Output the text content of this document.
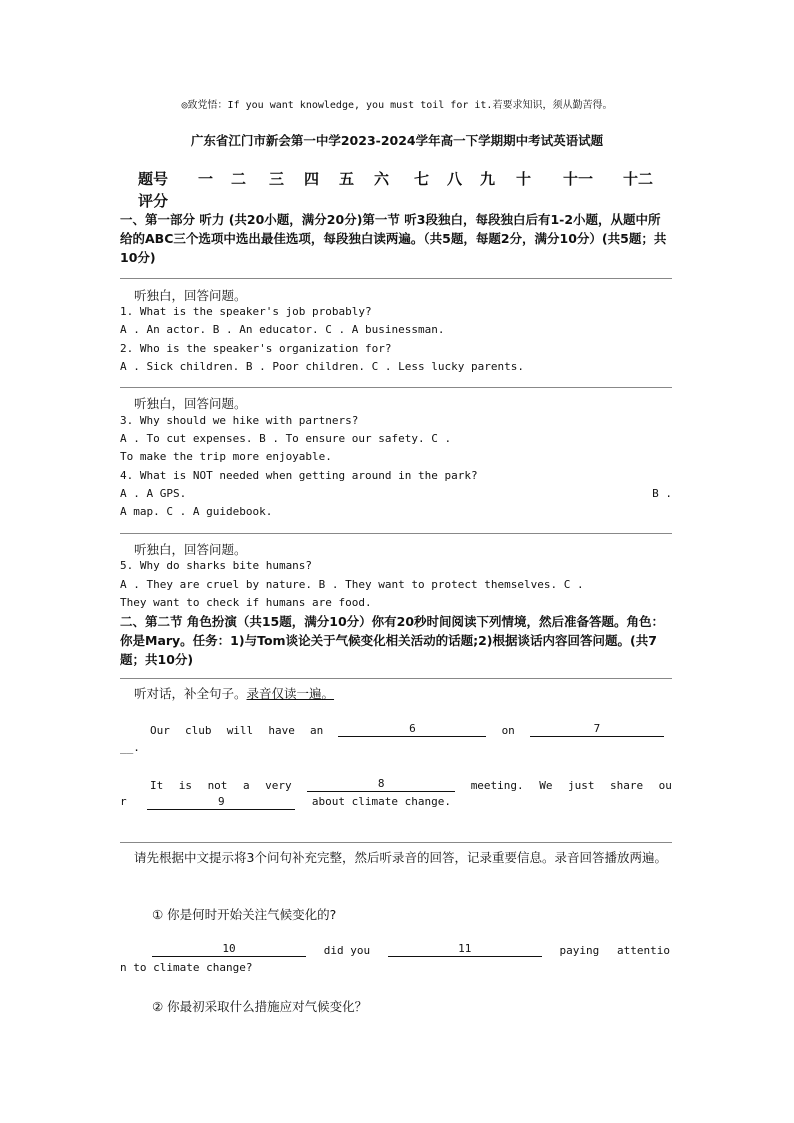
◎致党悟：If you want knowledge, you must toil for it.若要求知识，须从勤苦得。
广东省江门市新会第一中学2023-2024学年高一下学期期中考试英语试题
题号 一 二 三 四 五 六 七 八 九 十 十一 十二
评分
一、第一部分 听力 (共20小题，满分20分)第一节 听3段独白，每段独白后有1-2小题，从题中所给的ABC三个选项中选出最佳选项，每段独白读两遍。（共5题，每题2分，满分10分）(共5题；共10分)
听独白，回答问题。
1. What is the speaker's job probably?
A . An actor. B . An educator. C . A businessman.
2. Who is the speaker's organization for?
A . Sick children. B . Poor children. C . Less lucky parents.
听独白，回答问题。
3. Why should we hike with partners?
A . To cut expenses. B . To ensure our safety. C .
To make the trip more enjoyable.
4. What is NOT needed when getting around in the park?
A . A GPS.	B .
A map. C . A guidebook.
听独白，回答问题。
5. Why do sharks bite humans?
A . They are cruel by nature. B . They want to protect themselves. C .
They want to check if humans are food.
二、第二节 角色扮演（共15题，满分10分）你有20秒时间阅读下列情境，然后准备答题。角色：你是Mary。任务：1)与Tom谈论关于气候变化相关活动的话题;2)根据谈话内容回答问题。(共7题；共10分)
听对话，补全句子。录音仅读一遍。
Our club will have an	6	on	7
__.
It is not a very	8	meeting. We just share ou
r	9	about climate change.
请先根据中文提示将3个问句补充完整，然后听录音的回答，记录重要信息。录音回答播放两遍。
① 你是何时开始关注气候变化的?
10	did you	11	paying attentio
n to climate change?
② 你最初采取什么措施应对气候变化？
